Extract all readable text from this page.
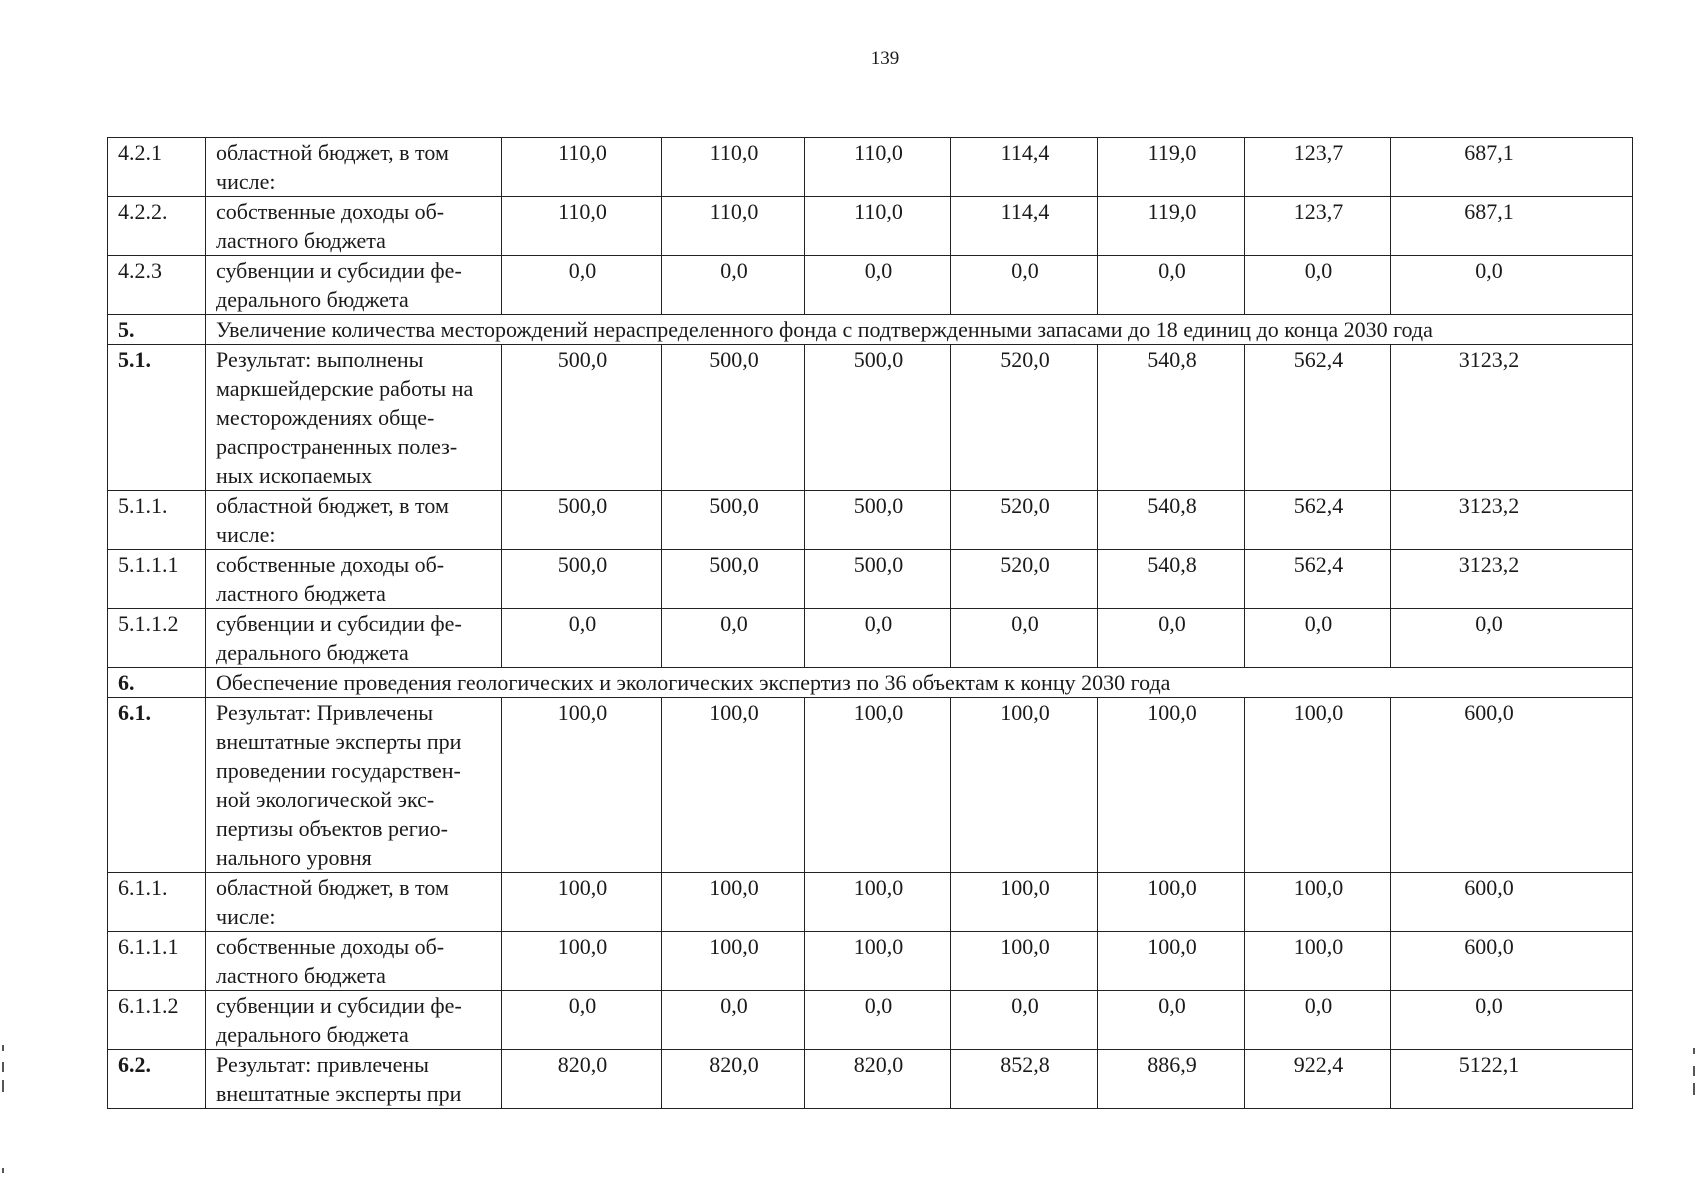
139
4.2.1	областной бюджет, в том числе:	110,0	110,0	110,0	114,4	119,0	123,7	687,1
4.2.2.	собственные доходы об-ластного бюджета	110,0	110,0	110,0	114,4	119,0	123,7	687,1
4.2.3	субвенции и субсидии фе-дерального бюджета	0,0	0,0	0,0	0,0	0,0	0,0	0,0
5.	Увеличение количества месторождений нераспределенного фонда с подтвержденными запасами до 18 единиц до конца 2030 года							
5.1.	Результат: выполнены маркшейдерские работы на месторождениях обще-распространенных полез-ных ископаемых	500,0	500,0	500,0	520,0	540,8	562,4	3123,2
5.1.1.	областной бюджет, в том числе:	500,0	500,0	500,0	520,0	540,8	562,4	3123,2
5.1.1.1	собственные доходы об-ластного бюджета	500,0	500,0	500,0	520,0	540,8	562,4	3123,2
5.1.1.2	субвенции и субсидии фе-дерального бюджета	0,0	0,0	0,0	0,0	0,0	0,0	0,0
6.	Обеспечение проведения геологических и экологических экспертиз по 36 объектам к концу 2030 года							
6.1.	Результат: Привлечены внештатные эксперты при проведении государствен-ной экологической экс-пертизы объектов регио-нального уровня	100,0	100,0	100,0	100,0	100,0	100,0	600,0
6.1.1.	областной бюджет, в том числе:	100,0	100,0	100,0	100,0	100,0	100,0	600,0
6.1.1.1	собственные доходы об-ластного бюджета	100,0	100,0	100,0	100,0	100,0	100,0	600,0
6.1.1.2	субвенции и субсидии фе-дерального бюджета	0,0	0,0	0,0	0,0	0,0	0,0	0,0
6.2.	Результат: привлечены внештатные эксперты при	820,0	820,0	820,0	852,8	886,9	922,4	5122,1
